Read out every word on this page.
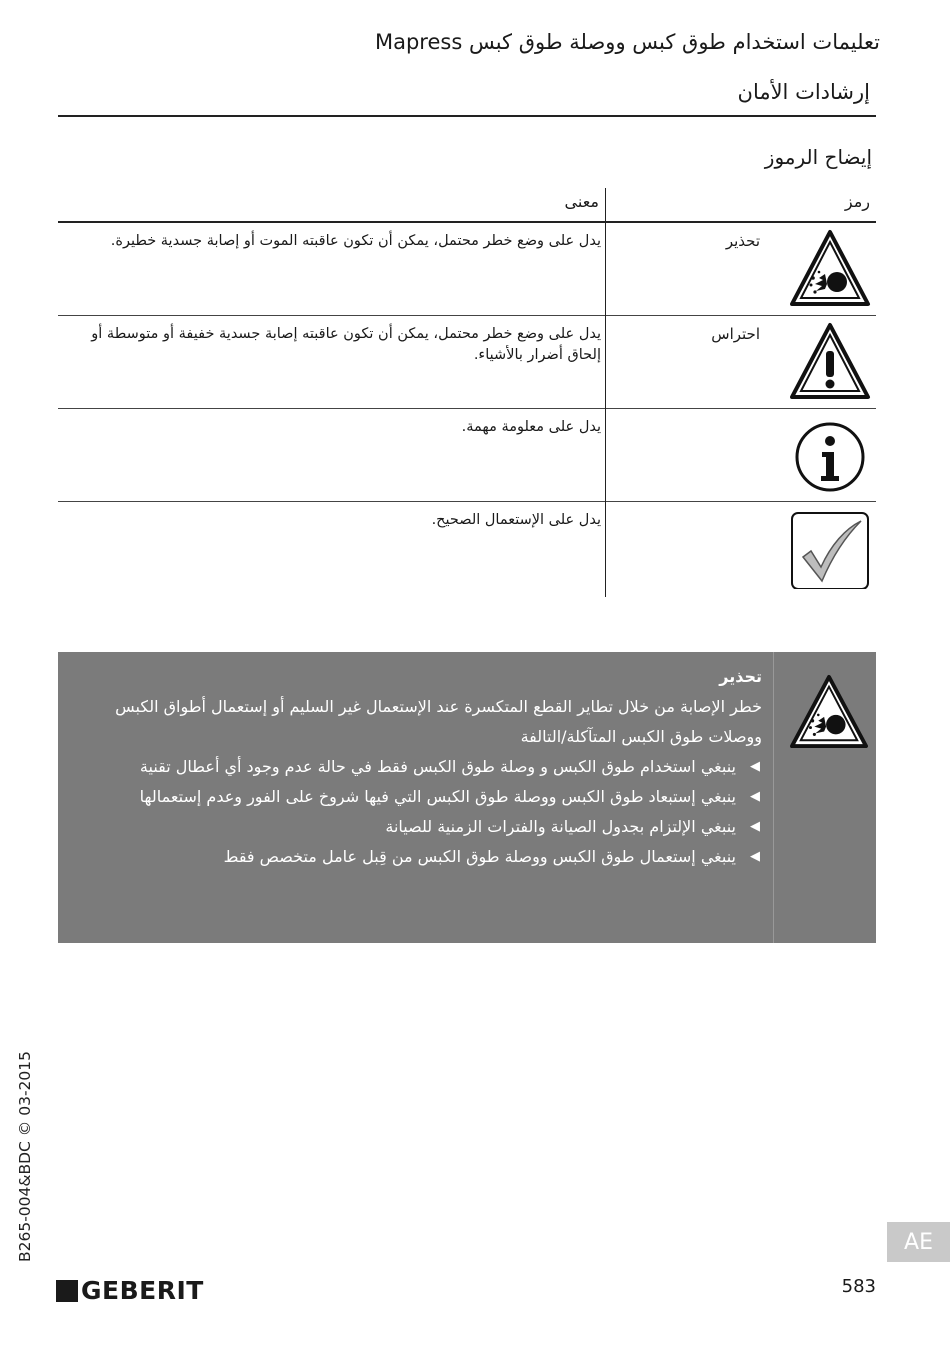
تعليمات استخدام طوق كبس ووصلة طوق كبس Mapress
إرشادات الأمان
إيضاح الرموز
رمز	معنى

تحذير	يدل على وضع خطر محتمل، يمكن أن تكون عاقبته الموت أو إصابة جسدية خطيرة.

احتراس	يدل على وضع خطر محتمل، يمكن أن تكون عاقبته إصابة جسدية خفيفة أو متوسطة أو إلحاق أضرار بالأشياء.

	يدل على معلومة مهمة.

	يدل على الإستعمال الصحيح.
تحذير
خطر الإصابة من خلال تطاير القطع المتكسرة عند الإستعمال غير السليم أو إستعمال أطواق الكبس ووصلات طوق الكبس المتآكلة/التالفة
◀
ينبغي استخدام طوق الكبس و وصلة طوق الكبس فقط في حالة عدم وجود أي أعطال تقنية
◀
ينبغي إستبعاد طوق الكبس ووصلة طوق الكبس التي فيها شروخ على الفور وعدم إستعمالها
◀
ينبغي الإلتزام بجدول الصيانة والفترات الزمنية للصيانة
◀
ينبغي إستعمال طوق الكبس ووصلة طوق الكبس من قِبل عامل متخصص فقط
B265-004&BDC © 03-2015
GEBERIT	583
AE
